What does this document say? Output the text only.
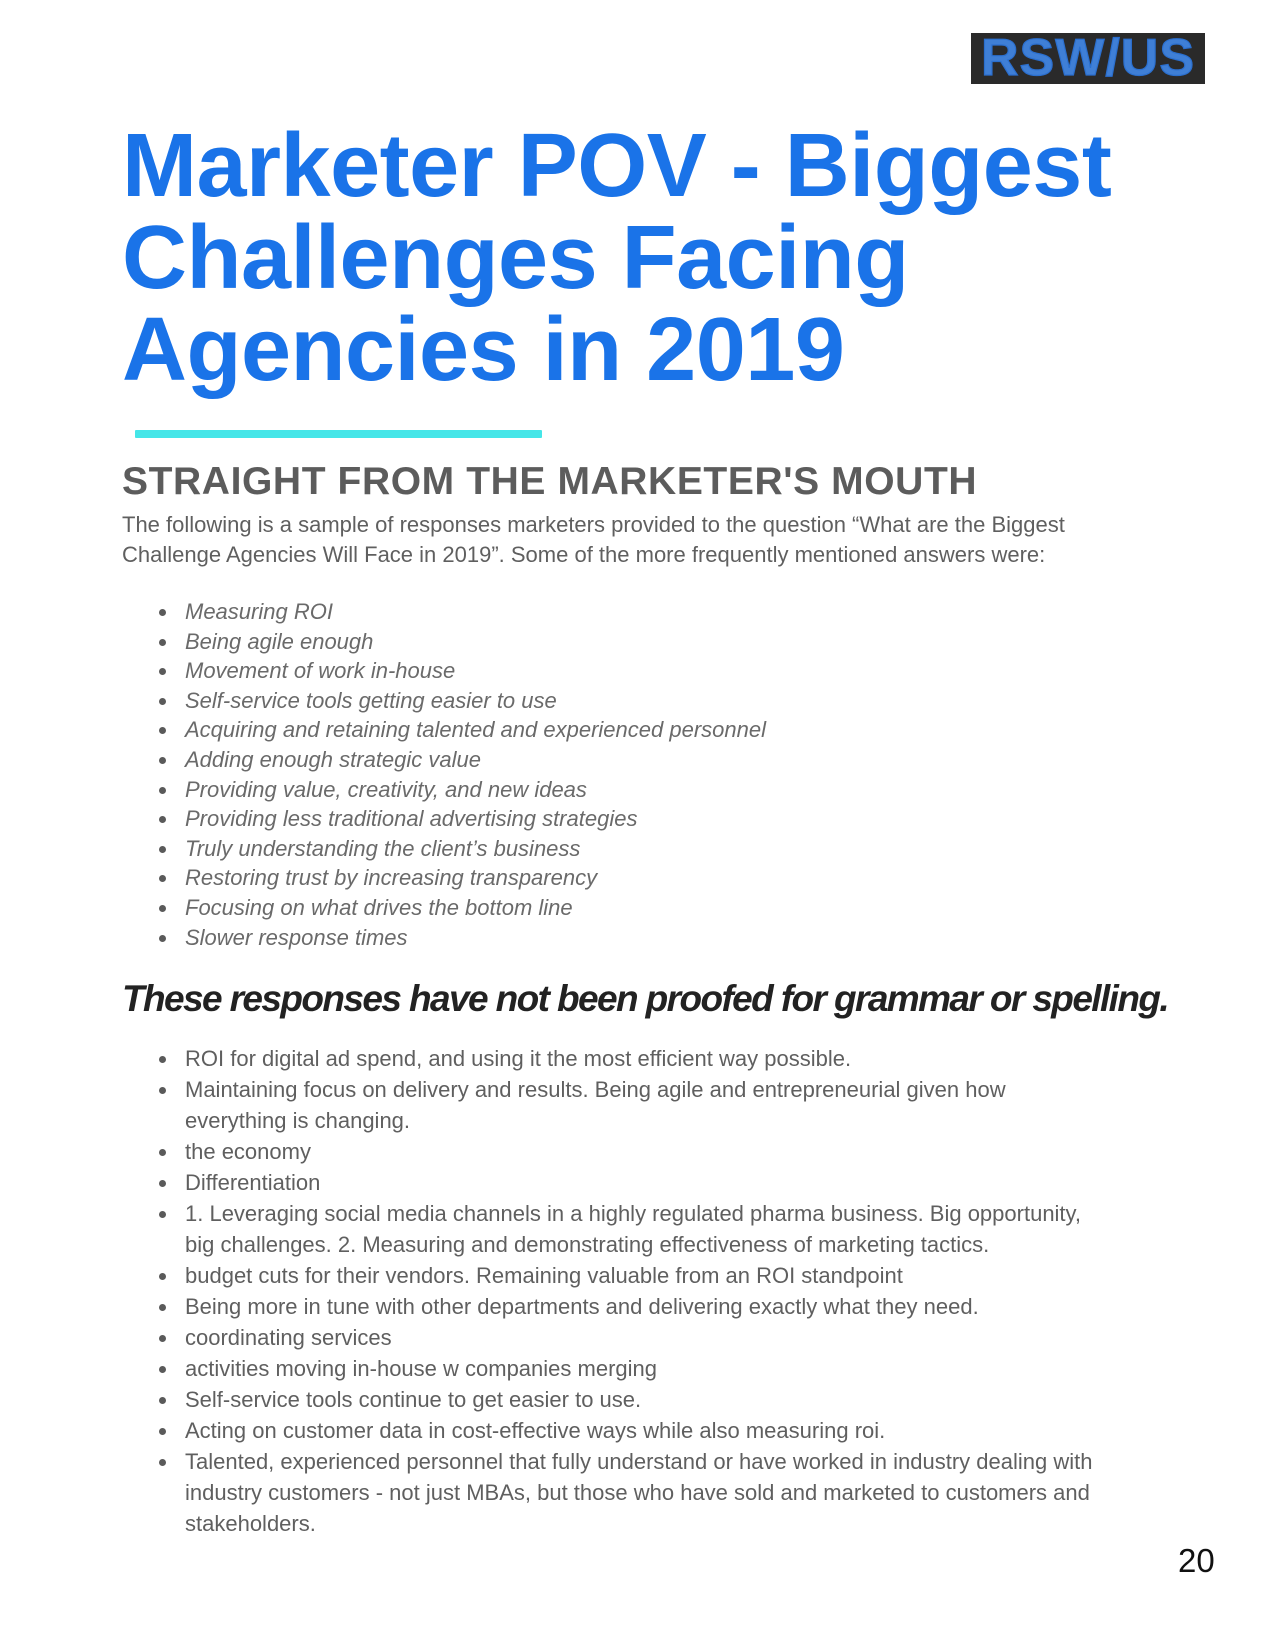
RSW/US
Marketer POV - Biggest Challenges Facing Agencies in 2019
STRAIGHT FROM THE MARKETER'S MOUTH

The following is a sample of responses marketers provided to the question “What are the Biggest Challenge Agencies Will Face in 2019”. Some of the more frequently mentioned answers were:

Measuring ROI
Being agile enough
Movement of work in-house
Self-service tools getting easier to use
Acquiring and retaining talented and experienced personnel
Adding enough strategic value
Providing value, creativity, and new ideas
Providing less traditional advertising strategies
Truly understanding the client’s business
Restoring trust by increasing transparency
Focusing on what drives the bottom line
Slower response times
These responses have not been proofed for grammar or spelling.
ROI for digital ad spend, and using it the most efficient way possible.
Maintaining focus on delivery and results. Being agile and entrepreneurial given how everything is changing.
the economy
Differentiation
1. Leveraging social media channels in a highly regulated pharma business. Big opportunity, big challenges. 2. Measuring and demonstrating effectiveness of marketing tactics.
budget cuts for their vendors. Remaining valuable from an ROI standpoint
Being more in tune with other departments and delivering exactly what they need.
coordinating services
activities moving in-house w companies merging
Self-service tools continue to get easier to use.
Acting on customer data in cost-effective ways while also measuring roi.
Talented, experienced personnel that fully understand or have worked in industry dealing with industry customers - not just MBAs, but those who have sold and marketed to customers and stakeholders.

20
